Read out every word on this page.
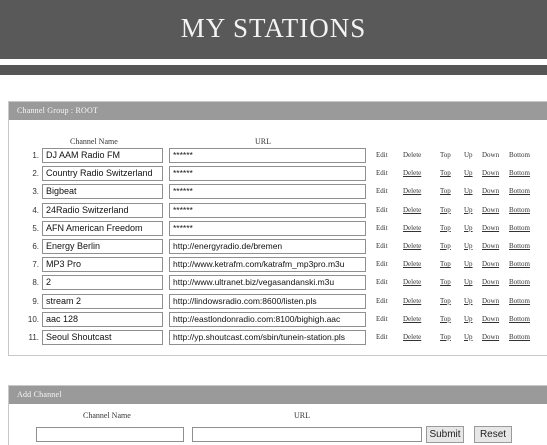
MY STATIONS
Channel Group : ROOT
Channel Name	URL
1. DJ AAM Radio FM	******	Edit Delete	Top Up Down Bottom
2. Country Radio Switzerland	******	Edit Delete	Top Up Down Bottom
3. Bigbeat	******	Edit Delete	Top Up Down Bottom
4. 24Radio Switzerland	******	Edit Delete	Top Up Down Bottom
5. AFN American Freedom	******	Edit Delete	Top Up Down Bottom
6. Energy Berlin	http://energyradio.de/bremen	Edit Delete	Top Up Down Bottom
7. MP3 Pro	http://www.ketrafm.com/katrafm_mp3pro.m3u	Edit Delete	Top Up Down Bottom
8. 2	http://www.ultranet.biz/vegasandanski.m3u	Edit Delete	Top Up Down Bottom
9. stream 2	http://lindowsradio.com:8600/listen.pls	Edit Delete	Top Up Down Bottom
10. aac 128	http://eastlondonradio.com:8100/bighigh.aac	Edit Delete	Top Up Down Bottom
11. Seoul Shoutcast	http://yp.shoutcast.com/sbin/tunein-station.pls	Edit Delete	Top Up Down Bottom
Add Channel
Channel Name	URL
Submit	Reset
